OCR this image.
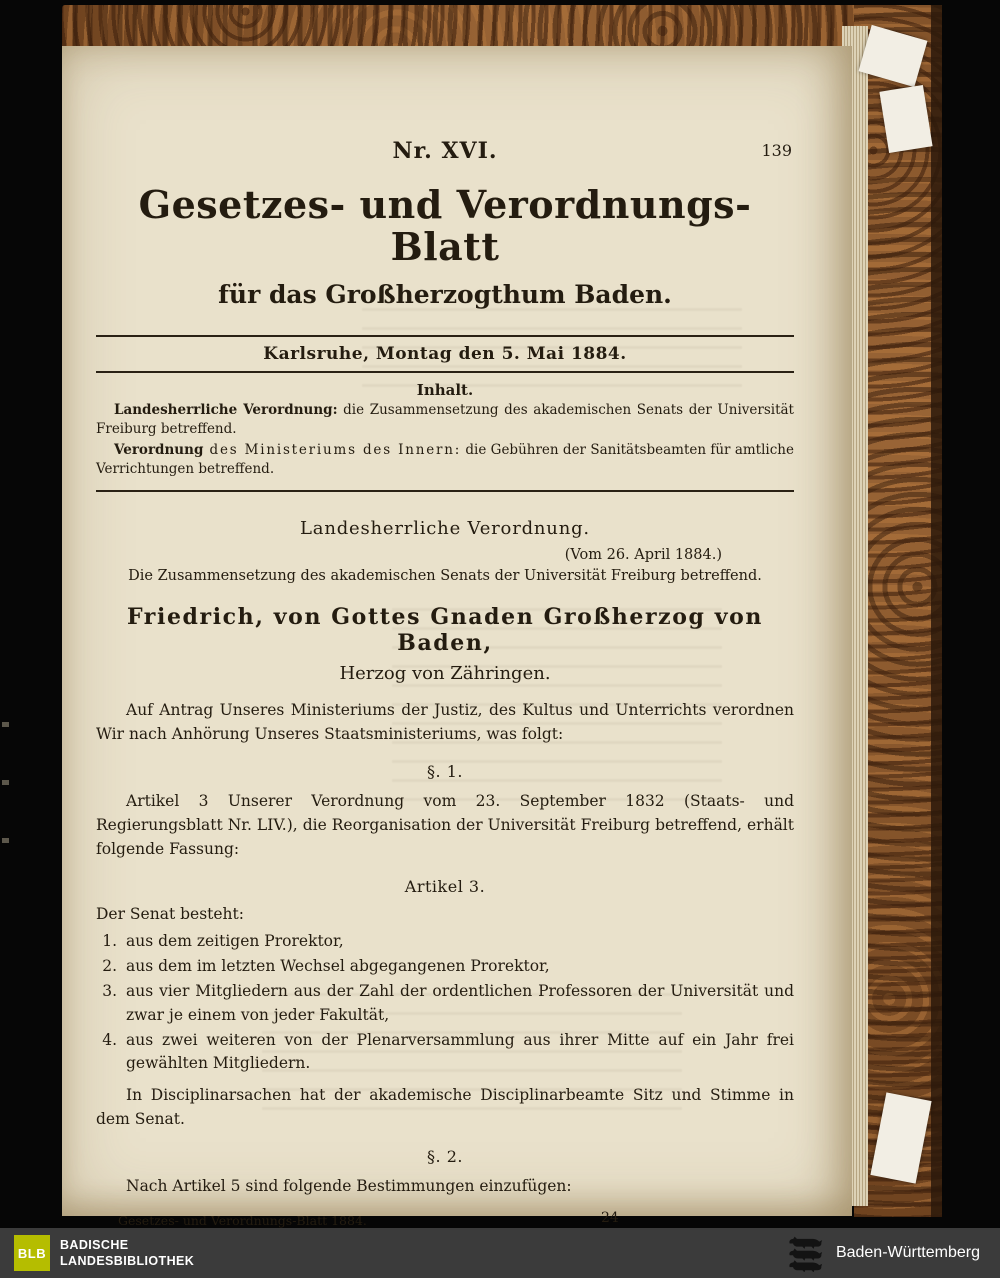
Nr. XVI.	139
Gesetzes- und Verordnungs-Blatt
für das Großherzogthum Baden.
Karlsruhe, Montag den 5. Mai 1884.
Inhalt.

Landesherrliche Verordnung: die Zusammensetzung des akademischen Senats der Universität Freiburg betreffend.

Verordnung des Ministeriums des Innern: die Gebühren der Sanitätsbeamten für amtliche Verrichtungen betreffend.

Landesherrliche Verordnung.
(Vom 26. April 1884.)
Die Zusammensetzung des akademischen Senats der Universität Freiburg betreffend.
Friedrich, von Gottes Gnaden Großherzog von Baden,
Herzog von Zähringen.

Auf Antrag Unseres Ministeriums der Justiz, des Kultus und Unterrichts verordnen Wir nach Anhörung Unseres Staatsministeriums, was folgt:

§. 1.

Artikel 3 Unserer Verordnung vom 23. September 1832 (Staats- und Regierungsblatt Nr. LIV.), die Reorganisation der Universität Freiburg betreffend, erhält folgende Fassung:

Artikel 3.

Der Senat besteht:

1. aus dem zeitigen Prorektor,
2. aus dem im letzten Wechsel abgegangenen Prorektor,
3. aus vier Mitgliedern aus der Zahl der ordentlichen Professoren der Universität und zwar je einem von jeder Fakultät,
4. aus zwei weiteren von der Plenarversammlung aus ihrer Mitte auf ein Jahr frei gewählten Mitgliedern.

In Disciplinarsachen hat der akademische Disciplinarbeamte Sitz und Stimme in dem Senat.

§. 2.

Nach Artikel 5 sind folgende Bestimmungen einzufügen:

Gesetzes- und Verordnungs-Blatt 1884.	24
BLB
BADISCHE
LANDESBIBLIOTHEK	Baden-Württemberg
